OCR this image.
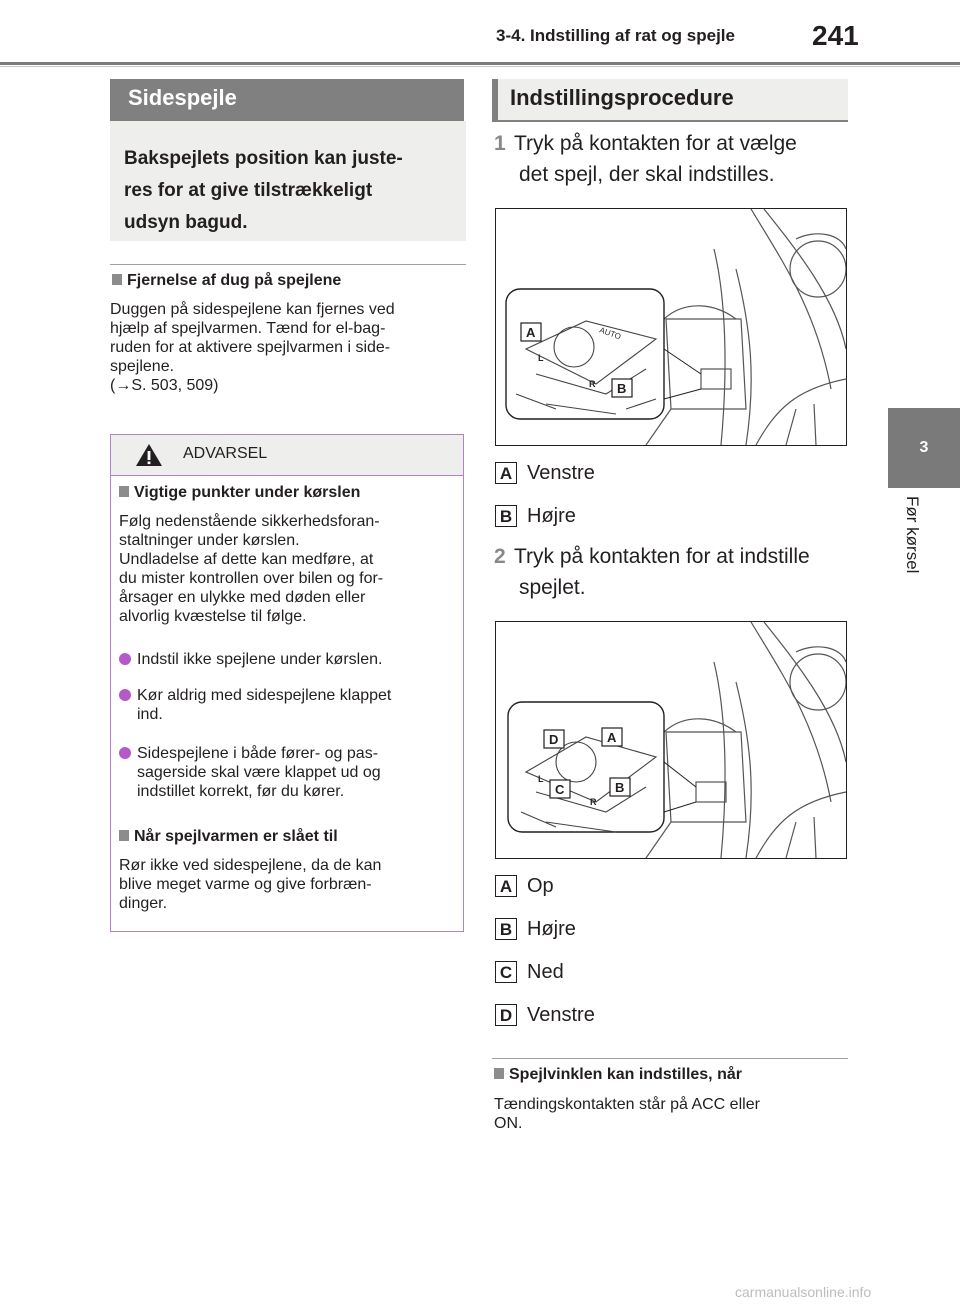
3-4. Indstilling af rat og spejle	241
3
Før kørsel
Sidespejle
Bakspejlets position kan juste-
res for at give tilstrækkeligt
udsyn bagud.
Fjernelse af dug på spejlene
Duggen på sidespejlene kan fjernes ved
hjælp af spejlvarmen. Tænd for el-bag-
ruden for at aktivere spejlvarmen i side-
spejlene.
(→S. 503, 509)
ADVARSEL
Vigtige punkter under kørslen
Følg nedenstående sikkerhedsforan-
staltninger under kørslen.
Undladelse af dette kan medføre, at
du mister kontrollen over bilen og for-
årsager en ulykke med døden eller
alvorlig kvæstelse til følge.
Indstil ikke spejlene under kørslen.
Kør aldrig med sidespejlene klappet
ind.
Sidespejlene i både fører- og pas-
sagerside skal være klappet ud og
indstillet korrekt, før du kører.
Når spejlvarmen er slået til
Rør ikke ved sidespejlene, da de kan
blive meget varme og give forbræn-
dinger.
Indstillingsprocedure
1 Tryk på kontakten for at vælge
det spejl, der skal indstilles.
AUTO
L
R
A
B
A Venstre
B Højre
2 Tryk på kontakten for at indstille
spejlet.
L
R
D	A
C	B
A Op
B Højre
C Ned
D Venstre
Spejlvinklen kan indstilles, når
Tændingskontakten står på ACC eller
ON.
carmanualsonline.info
